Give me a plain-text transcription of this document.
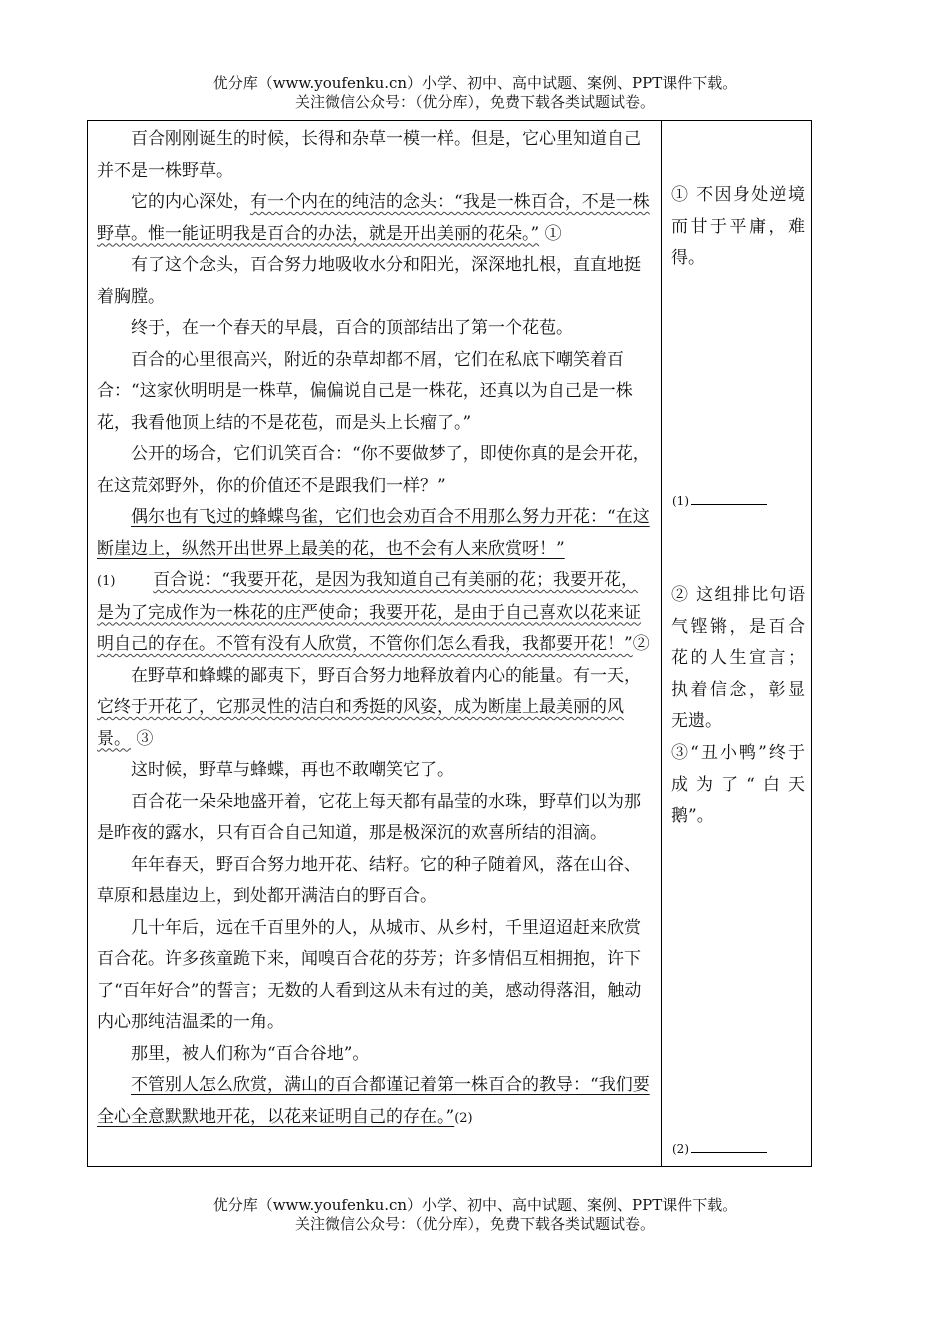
优分库（www.youfenku.cn）小学、初中、高中试题、案例、PPT课件下载。
关注微信公众号：（优分库），免费下载各类试题试卷。

百合刚刚诞生的时候，长得和杂草一模一样。但是，它心里知道自己并不是一株野草。

它的内心深处，有一个内在的纯洁的念头：“我是一株百合，不是一株野草。惟一能证明我是百合的办法，就是开出美丽的花朵。” ①

有了这个念头，百合努力地吸收水分和阳光，深深地扎根，直直地挺着胸膛。

终于，在一个春天的早晨，百合的顶部结出了第一个花苞。

百合的心里很高兴，附近的杂草却都不屑，它们在私底下嘲笑着百合：“这家伙明明是一株草，偏偏说自己是一株花，还真以为自己是一株花，我看他顶上结的不是花苞，而是头上长瘤了。”

公开的场合，它们讥笑百合：“你不要做梦了，即使你真的是会开花，在这荒郊野外，你的价值还不是跟我们一样？”

偶尔也有飞过的蜂蝶鸟雀，它们也会劝百合不用那么努力开花：“在这断崖边上，纵然开出世界上最美的花，也不会有人来欣赏呀！”

(1) 百合说：“我要开花，是因为我知道自己有美丽的花；我要开花，是为了完成作为一株花的庄严使命；我要开花，是由于自己喜欢以花来证明自己的存在。不管有没有人欣赏，不管你们怎么看我，我都要开花！”②

在野草和蜂蝶的鄙夷下，野百合努力地释放着内心的能量。有一天，它终于开花了，它那灵性的洁白和秀挺的风姿，成为断崖上最美丽的风景。 ③

这时候，野草与蜂蝶，再也不敢嘲笑它了。

百合花一朵朵地盛开着，它花上每天都有晶莹的水珠，野草们以为那是昨夜的露水，只有百合自己知道，那是极深沉的欢喜所结的泪滴。

年年春天，野百合努力地开花、结籽。它的种子随着风，落在山谷、草原和悬崖边上，到处都开满洁白的野百合。

几十年后，远在千百里外的人，从城市、从乡村，千里迢迢赶来欣赏百合花。许多孩童跪下来，闻嗅百合花的芬芳；许多情侣互相拥抱，许下了“百年好合”的誓言；无数的人看到这从未有过的美，感动得落泪，触动内心那纯洁温柔的一角。

那里，被人们称为“百合谷地”。

不管别人怎么欣赏，满山的百合都谨记着第一株百合的教导：“我们要全心全意默默地开花，以花来证明自己的存在。”(2)

① 不因身处逆境而甘于平庸，难得。

(1)

② 这组排比句语气铿锵，是百合花的人生宣言；执着信念，彰显无遗。

③“丑小鸭”终于成为了“白天鹅”。

(2)
优分库（www.youfenku.cn）小学、初中、高中试题、案例、PPT课件下载。
关注微信公众号：（优分库），免费下载各类试题试卷。
